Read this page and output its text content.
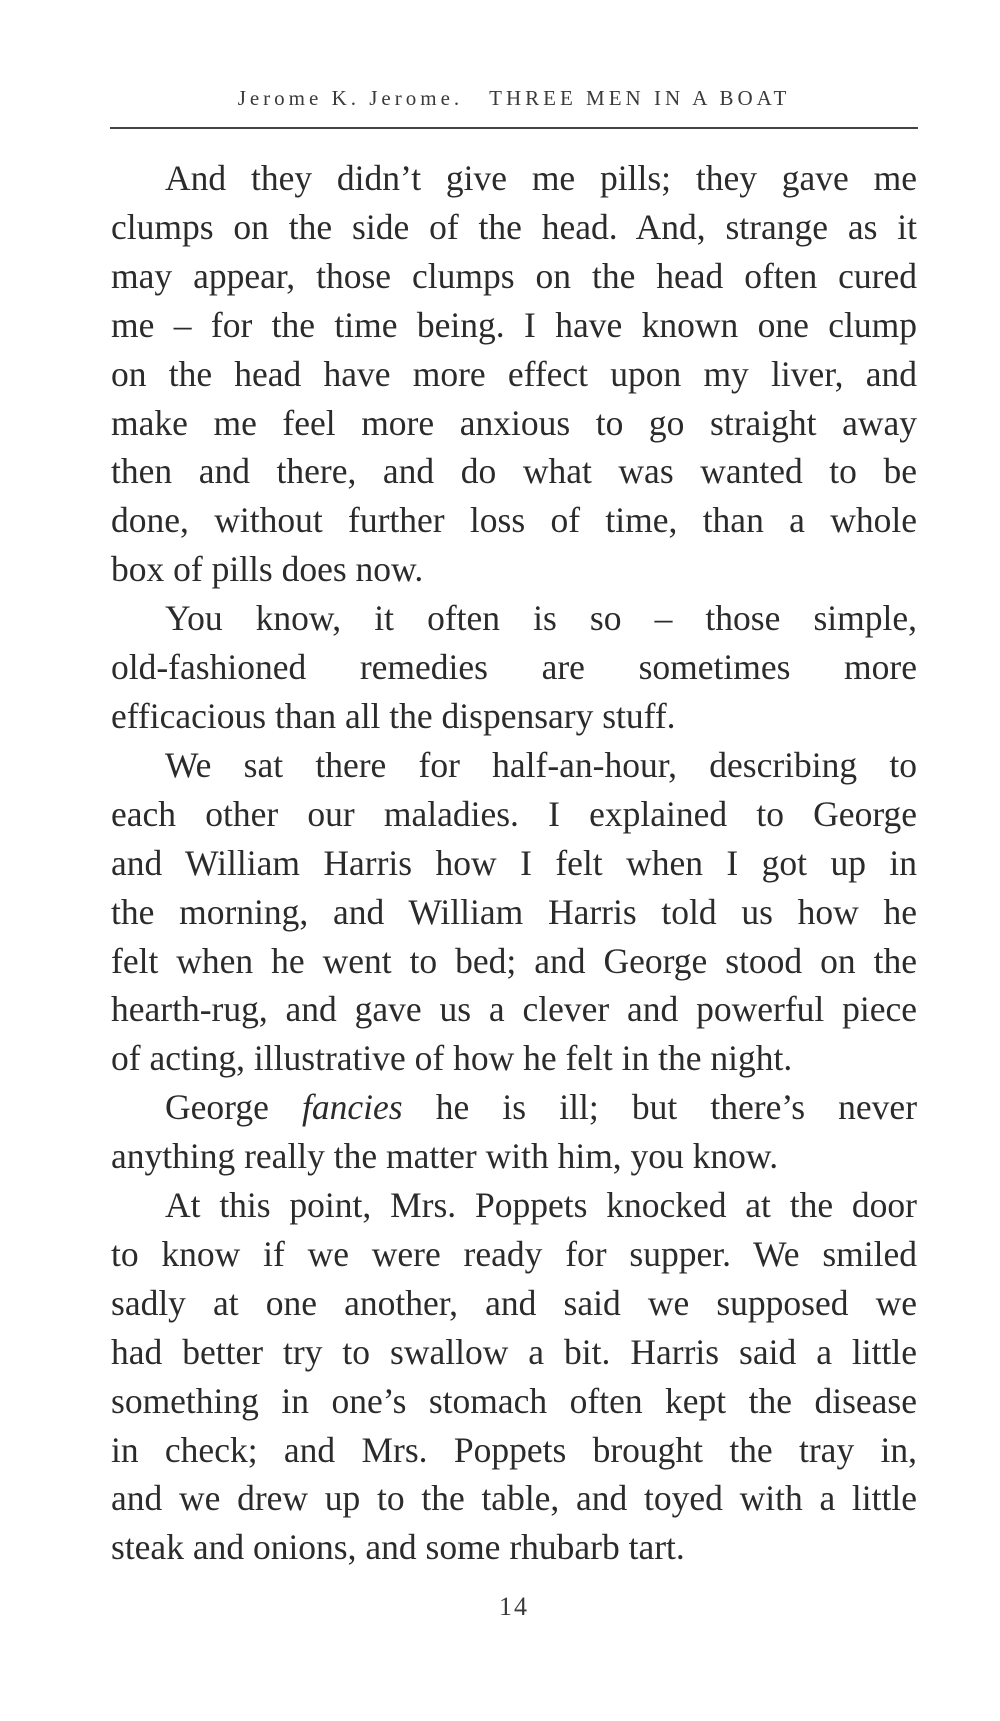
Jerome K. Jerome. THREE MEN IN A BOAT

And they didn’t give me pills; they gave me
clumps on the side of the head. And, strange as it
may appear, those clumps on the head often cured
me – for the time being. I have known one clump
on the head have more effect upon my liver, and
make me feel more anxious to go straight away
then and there, and do what was wanted to be
done, without further loss of time, than a whole
box of pills does now.

You know, it often is so – those simple,
old-fashioned remedies are sometimes more
efficacious than all the dispensary stuff.

We sat there for half-an-hour, describing to
each other our maladies. I explained to George
and William Harris how I felt when I got up in
the morning, and William Harris told us how he
felt when he went to bed; and George stood on the
hearth-rug, and gave us a clever and powerful piece
of acting, illustrative of how he felt in the night.

George fancies he is ill; but there’s never
anything really the matter with him, you know.

At this point, Mrs. Poppets knocked at the door
to know if we were ready for supper. We smiled
sadly at one another, and said we supposed we
had better try to swallow a bit. Harris said a little
something in one’s stomach often kept the disease
in check; and Mrs. Poppets brought the tray in,
and we drew up to the table, and toyed with a little
steak and onions, and some rhubarb tart.

14
